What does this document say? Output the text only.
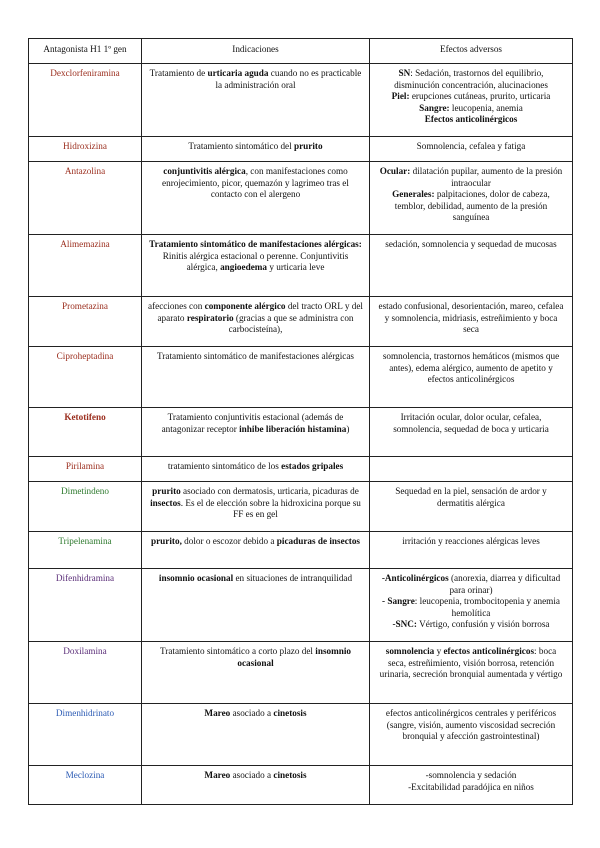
Antagonista H1 1º gen	Indicaciones	Efectos adversos
Dexclorfeniramina	Tratamiento de urticaria aguda cuando no es practicable la administración oral	SN: Sedación, trastornos del equilibrio, disminución concentración, alucinaciones
Piel: erupciones cutáneas, prurito, urticaria
Sangre: leucopenia, anemia
Efectos anticolinérgicos

Hidroxizina	Tratamiento sintomático del prurito	Somnolencia, cefalea y fatiga
Antazolina	conjuntivitis alérgica, con manifestaciones como enrojecimiento, picor, quemazón y lagrimeo tras el contacto con el alergeno	Ocular: dilatación pupilar, aumento de la presión intraocular
Generales: palpitaciones, dolor de cabeza, temblor, debilidad, aumento de la presión sanguínea

Alimemazina	Tratamiento sintomático de manifestaciones alérgicas: Rinitis alérgica estacional o perenne. Conjuntivitis alérgica, angioedema y urticaria leve	sedación, somnolencia y sequedad de mucosas
Prometazina	afecciones con componente alérgico del tracto ORL y del aparato respiratorio (gracias a que se administra con carbocisteína),	estado confusional, desorientación, mareo, cefalea y somnolencia, midriasis, estreñimiento y boca seca
Ciproheptadina	Tratamiento sintomático de manifestaciones alérgicas	somnolencia, trastornos hemáticos (mismos que antes), edema alérgico, aumento de apetito y efectos anticolinérgicos
Ketotifeno	Tratamiento conjuntivitis estacional (además de antagonizar receptor inhibe liberación histamina)	Irritación ocular, dolor ocular, cefalea, somnolencia, sequedad de boca y urticaria
Pirilamina	tratamiento sintomático de los estados gripales	
Dimetindeno	prurito asociado con dermatosis, urticaria, picaduras de insectos. Es el de elección sobre la hidroxicina porque su FF es en gel	Sequedad en la piel, sensación de ardor y dermatitis alérgica
Tripelenamina	prurito, dolor o escozor debido a picaduras de insectos	irritación y reacciones alérgicas leves
Difenhidramina	insomnio ocasional en situaciones de intranquilidad	-Anticolinérgicos (anorexia, diarrea y dificultad para orinar)
- Sangre: leucopenia, trombocitopenia y anemia hemolítica
-SNC: Vértigo, confusión y visión borrosa

Doxilamina	Tratamiento sintomático a corto plazo del insomnio ocasional	somnolencia y efectos anticolinérgicos: boca seca, estreñimiento, visión borrosa, retención urinaria, secreción bronquial aumentada y vértigo
Dimenhidrinato	Mareo asociado a cinetosis	efectos anticolinérgicos centrales y periféricos (sangre, visión, aumento viscosidad secreción bronquial y afección gastrointestinal)
Meclozina	Mareo asociado a cinetosis	-somnolencia y sedación
-Excitabilidad paradójica en niños
